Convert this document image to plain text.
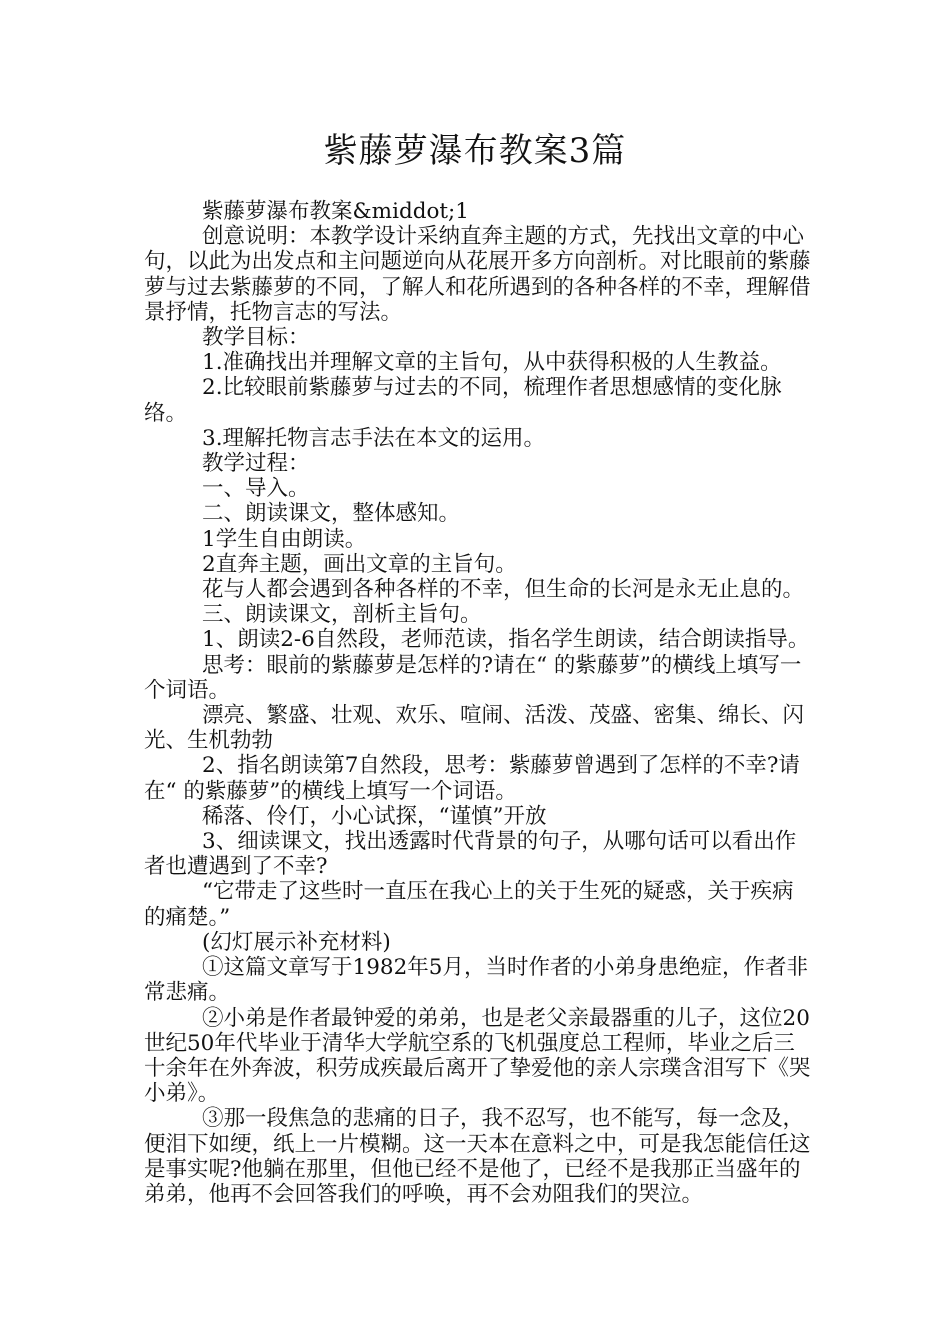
紫藤萝瀑布教案3篇

紫藤萝瀑布教案&middot;1

创意说明：本教学设计采纳直奔主题的方式，先找出文章的中心句，以此为出发点和主问题逆向从花展开多方向剖析。对比眼前的紫藤萝与过去紫藤萝的不同，了解人和花所遇到的各种各样的不幸，理解借景抒情，托物言志的写法。

教学目标：

1.准确找出并理解文章的主旨句，从中获得积极的人生教益。

2.比较眼前紫藤萝与过去的不同，梳理作者思想感情的变化脉络。

3.理解托物言志手法在本文的运用。

教学过程：

一、导入。

二、朗读课文，整体感知。

1学生自由朗读。

2直奔主题，画出文章的主旨句。

花与人都会遇到各种各样的不幸，但生命的长河是永无止息的。

三、朗读课文，剖析主旨句。

1、朗读2-6自然段，老师范读，指名学生朗读，结合朗读指导。

思考：眼前的紫藤萝是怎样的?请在“ 的紫藤萝”的横线上填写一个词语。

漂亮、繁盛、壮观、欢乐、喧闹、活泼、茂盛、密集、绵长、闪光、生机勃勃

2、指名朗读第7自然段，思考：紫藤萝曾遇到了怎样的不幸?请在“ 的紫藤萝”的横线上填写一个词语。

稀落、伶仃，小心试探，“谨慎”开放

3、细读课文，找出透露时代背景的句子，从哪句话可以看出作者也遭遇到了不幸?

“它带走了这些时一直压在我心上的关于生死的疑惑，关于疾病的痛楚。”

(幻灯展示补充材料)

①这篇文章写于1982年5月，当时作者的小弟身患绝症，作者非常悲痛。

②小弟是作者最钟爱的弟弟，也是老父亲最器重的儿子，这位20世纪50年代毕业于清华大学航空系的飞机强度总工程师，毕业之后三十余年在外奔波，积劳成疾最后离开了挚爱他的亲人宗璞含泪写下《哭小弟》。

③那一段焦急的悲痛的日子，我不忍写，也不能写，每一念及，便泪下如绠，纸上一片模糊。这一天本在意料之中，可是我怎能信任这是事实呢?他躺在那里，但他已经不是他了，已经不是我那正当盛年的弟弟，他再不会回答我们的呼唤，再不会劝阻我们的哭泣。
